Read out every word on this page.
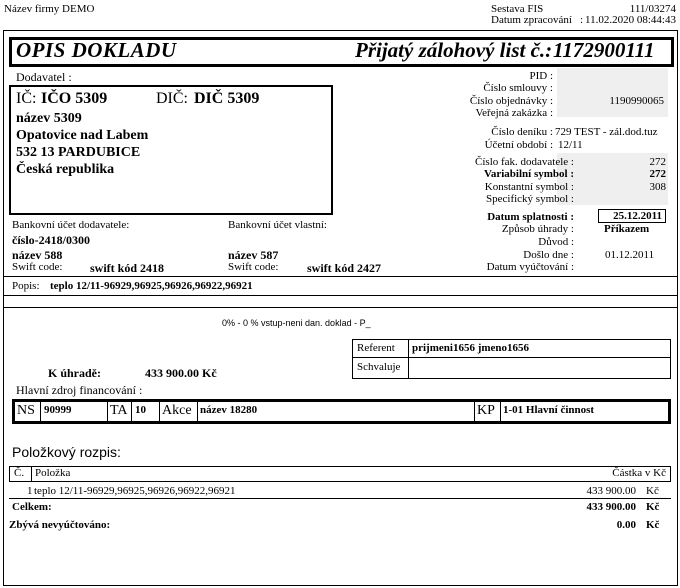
Název firmy DEMO	Sestava FIS	111/03274
Datum zpracování : 11.02.2020 08:44:43
OPIS DOKLADU	Přijatý zálohový list č.: 1172900111
Dodavatel :
IČ: IČO 5309	DIČ: DIČ 5309
název 5309
Opatovice nad Labem
532 13 PARDUBICE
Česká republika
PID :
Číslo smlouvy :
Číslo objednávky :	1190990065
Veřejná zakázka :
Číslo deníku : 729 TEST - zál.dod.tuz
Účetní období : 12/11
Číslo fak. dodavatele :	272
Variabilní symbol :	272
Konstantní symbol :	308
Specifický symbol :
Datum splatnosti :	25.12.2011
Způsob úhrady :	Příkazem
Důvod :
Došlo dne :	01.12.2011
Datum vyúčtování :
Bankovní účet dodavatele:
číslo-2418/0300
název 588
Swift code: swift kód 2418
Bankovní účet vlastní:
název 587
Swift code: swift kód 2427
Popis: teplo 12/11-96929,96925,96926,96922,96921
0% - 0 % vstup-neni dan. doklad - P_
Referent prijmeni1656 jmeno1656
Schvaluje
K úhradě:	433 900.00 Kč
Hlavní zdroj financování :
NS 90999	TA 10 Akce název 18280	KP 1-01 Hlavní činnost
Položkový rozpis:
Č. Položka	Částka v Kč
1 teplo 12/11-96929,96925,96926,96922,96921	433 900.00 Kč
Celkem:	433 900.00 Kč
Zbývá nevyúčtováno:	0.00 Kč
